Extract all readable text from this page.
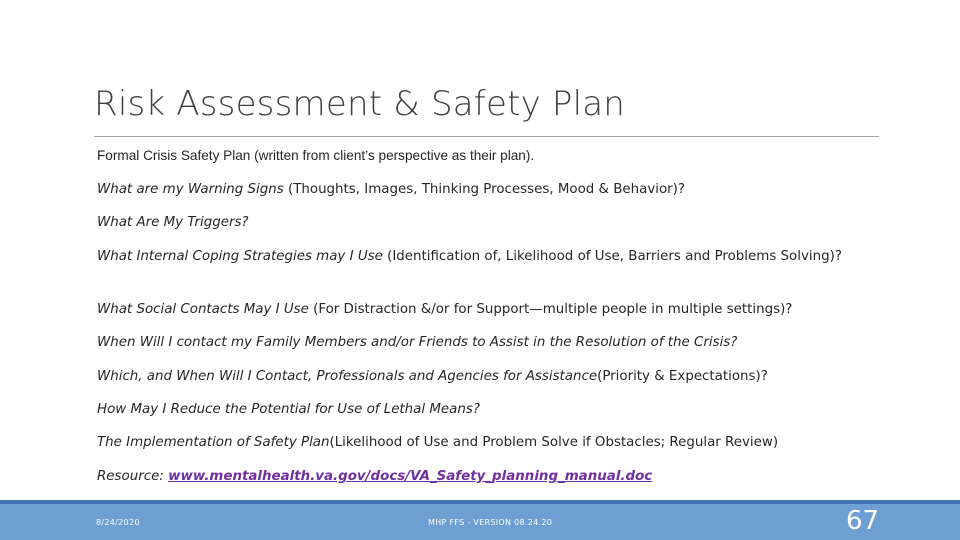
Risk Assessment & Safety Plan
Formal Crisis Safety Plan (written from client’s perspective as their plan).
What are my Warning Signs (Thoughts, Images, Thinking Processes, Mood & Behavior)?
What Are My Triggers?
What Internal Coping Strategies may I Use (Identification of, Likelihood of Use, Barriers and Problems Solving)?
What Social Contacts May I Use (For Distraction &/or for Support—multiple people in multiple settings)?
When Will I contact my Family Members and/or Friends to Assist in the Resolution of the Crisis?
Which, and When Will I Contact, Professionals and Agencies for Assistance(Priority & Expectations)?
How May I Reduce the Potential for Use of Lethal Means?
The Implementation of Safety Plan(Likelihood of Use and Problem Solve if Obstacles; Regular Review)
Resource: www.mentalhealth.va.gov/docs/VA_Safety_planning_manual.doc
8/24/2020	MHP FFS - VERSION 08.24.20	67
